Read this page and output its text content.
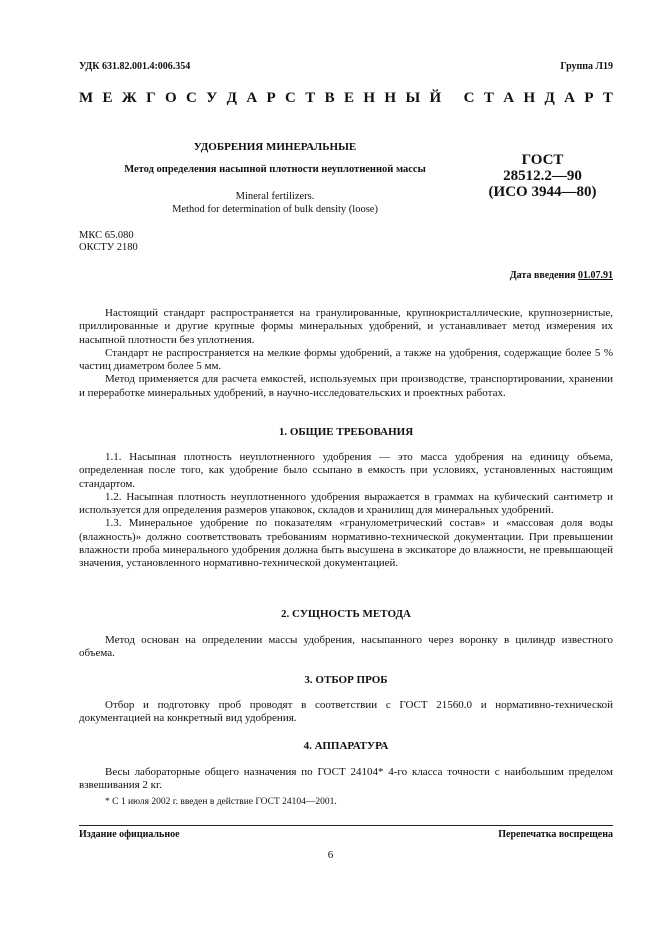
УДК 631.82.001.4:006.354	Группа Л19
М Е Ж Г О С У Д А Р С Т В Е Н Н Ы Й
С Т А Н Д А Р Т
УДОБРЕНИЯ МИНЕРАЛЬНЫЕ
Метод определения насыпной плотности неуплотненной массы
Mineral fertilizers.
Method for determination of bulk density (loose)
ГОСТ
28512.2—90
(ИСО 3944—80)
МКС 65.080
ОКСТУ 2180
Дата введения 01.07.91

Настоящий стандарт распространяется на гранулированные, крупнокристаллические, крупнозернистые, приллированные и другие крупные формы минеральных удобрений, и устанавливает метод измерения их насыпной плотности без уплотнения.

Стандарт не распространяется на мелкие формы удобрений, а также на удобрения, содержащие более 5 % частиц диаметром более 5 мм.

Метод применяется для расчета емкостей, используемых при производстве, транспортировании, хранении и переработке минеральных удобрений, в научно-исследовательских и проектных работах.

1. ОБЩИЕ ТРЕБОВАНИЯ

1.1. Насыпная плотность неуплотненного удобрения — это масса удобрения на единицу объема, определенная после того, как удобрение было ссыпано в емкость при условиях, установленных настоящим стандартом.

1.2. Насыпная плотность неуплотненного удобрения выражается в граммах на кубический сантиметр и используется для определения размеров упаковок, складов и хранилищ для минеральных удобрений.

1.3. Минеральное удобрение по показателям «гранулометрический состав» и «массовая доля воды (влажность)» должно соответствовать требованиям нормативно-технической документации. При превышении влажности проба минерального удобрения должна быть высушена в эксикаторе до влажности, не превышающей значения, установленного нормативно-технической документацией.

2. СУЩНОСТЬ МЕТОДА

Метод основан на определении массы удобрения, насыпанного через воронку в цилиндр известного объема.

3. ОТБОР ПРОБ

Отбор и подготовку проб проводят в соответствии с ГОСТ 21560.0 и нормативно-технической документацией на конкретный вид удобрения.

4. АППАРАТУРА

Весы лабораторные общего назначения по ГОСТ 24104* 4-го класса точности с наибольшим пределом взвешивания 2 кг.

* С 1 июля 2002 г. введен в действие ГОСТ 24104—2001.
Издание официальное	Перепечатка воспрещена
6
